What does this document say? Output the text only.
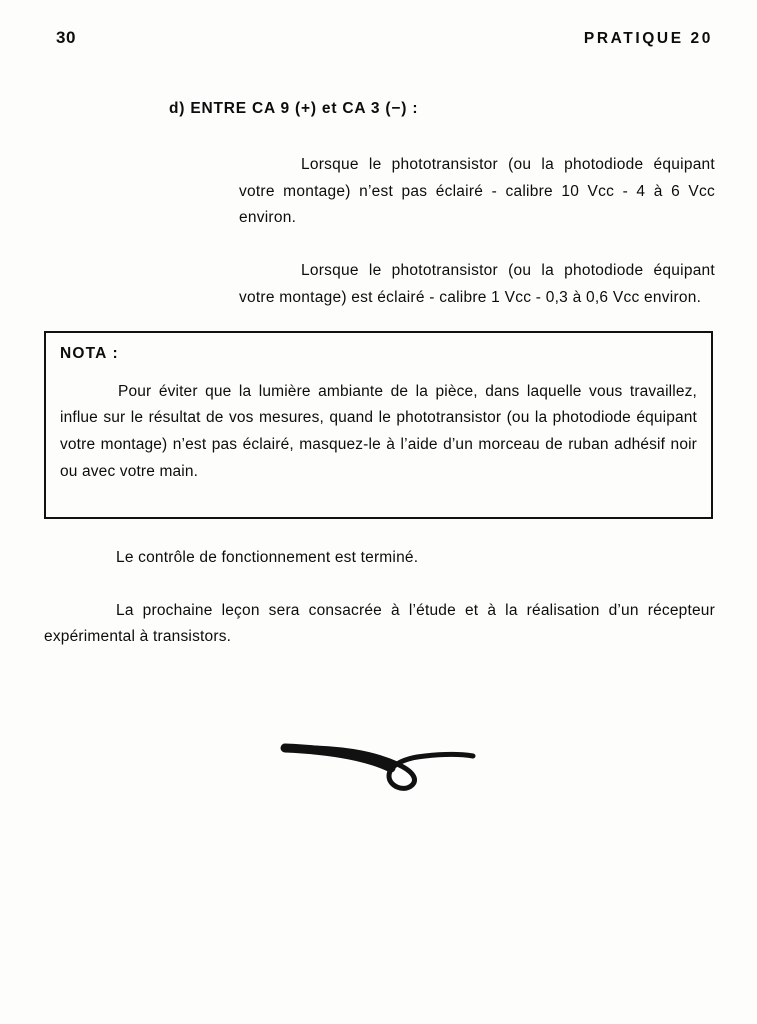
30	PRATIQUE 20
d) ENTRE CA 9 (+) et CA 3 (−) :

Lorsque le phototransistor (ou la photodiode équipant votre montage) n’est pas éclairé - calibre 10 Vcc - 4 à 6 Vcc environ.

Lorsque le phototransistor (ou la photodiode équipant votre montage) est éclairé - calibre 1 Vcc - 0,3 à 0,6 Vcc environ.

NOTA :

Pour éviter que la lumière ambiante de la pièce, dans laquelle vous travaillez, influe sur le résultat de vos mesures, quand le phototransistor (ou la photodiode équipant votre montage) n’est pas éclairé, masquez-le à l’aide d’un morceau de ruban adhésif noir ou avec votre main.

Le contrôle de fonctionnement est terminé.

La prochaine leçon sera consacrée à l’étude et à la réalisation d’un récepteur expérimental à transistors.
